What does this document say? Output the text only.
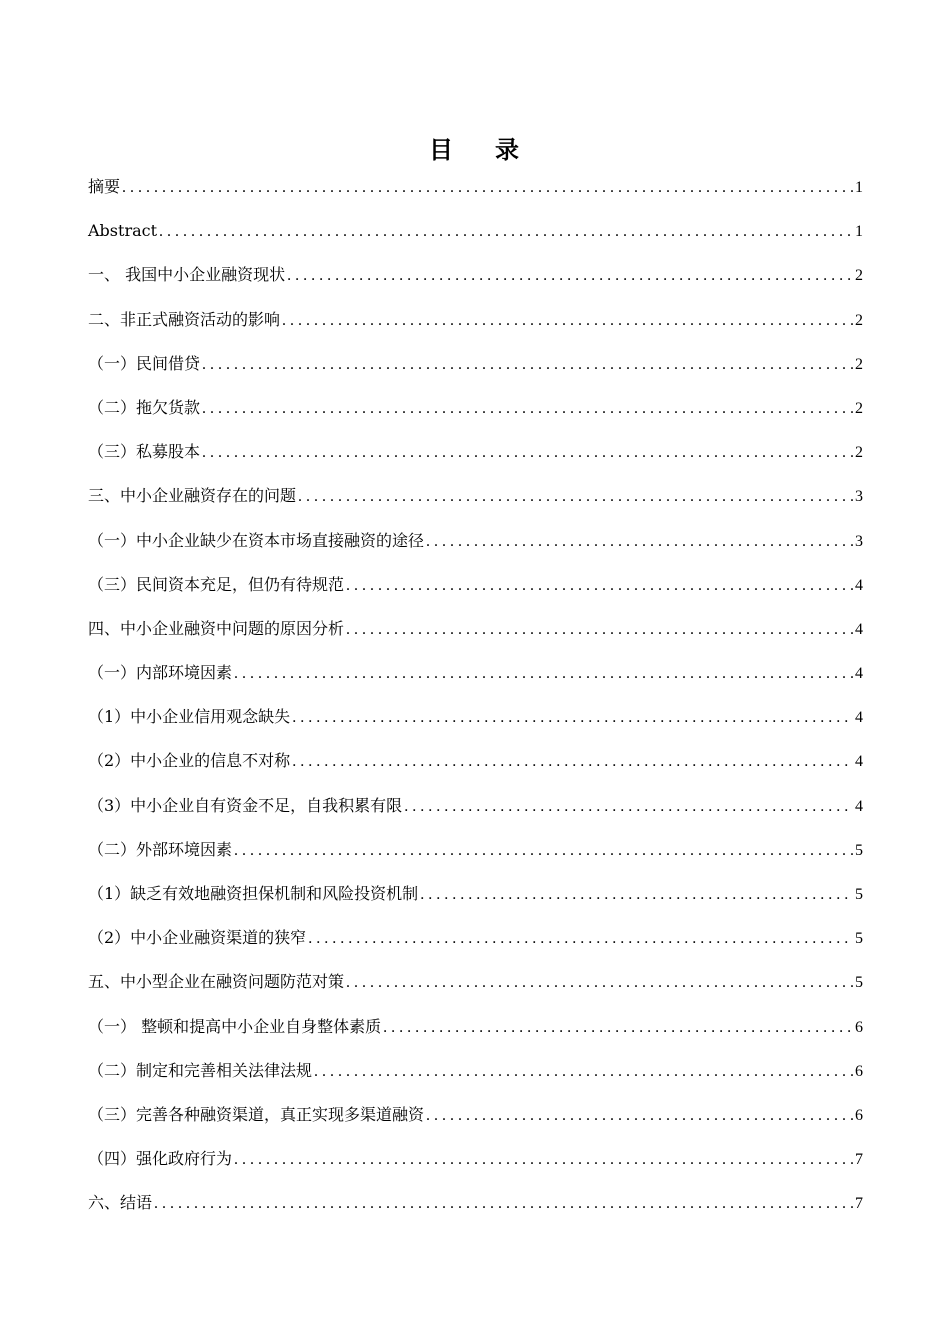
目 录
摘要 . . .	1
Abstract . . .	1
一、 我国中小企业融资现状 . . .	2
二、非正式融资活动的影响 . . .	2
（一）民间借贷 . . .	2
（二）拖欠货款 . . .	2
（三）私募股本 . . .	2
三、中小企业融资存在的问题 . . .	3
（一）中小企业缺少在资本市场直接融资的途径 . . .	3
（三）民间资本充足，但仍有待规范 . . .	4
四、中小企业融资中问题的原因分析 . . .	4
（一）内部环境因素 . . .	4
（1）中小企业信用观念缺失 . . .	4
（2）中小企业的信息不对称 . . .	4
（3）中小企业自有资金不足，自我积累有限 . . .	4
（二）外部环境因素 . . .	5
（1）缺乏有效地融资担保机制和风险投资机制 . . .	5
（2）中小企业融资渠道的狭窄 . . .	5
五、中小型企业在融资问题防范对策 . . .	5
（一） 整顿和提高中小企业自身整体素质 . . .	6
（二）制定和完善相关法律法规 . . .	6
（三）完善各种融资渠道，真正实现多渠道融资 . . .	6
（四）强化政府行为 . . .	7
六、结语 . . .	7
